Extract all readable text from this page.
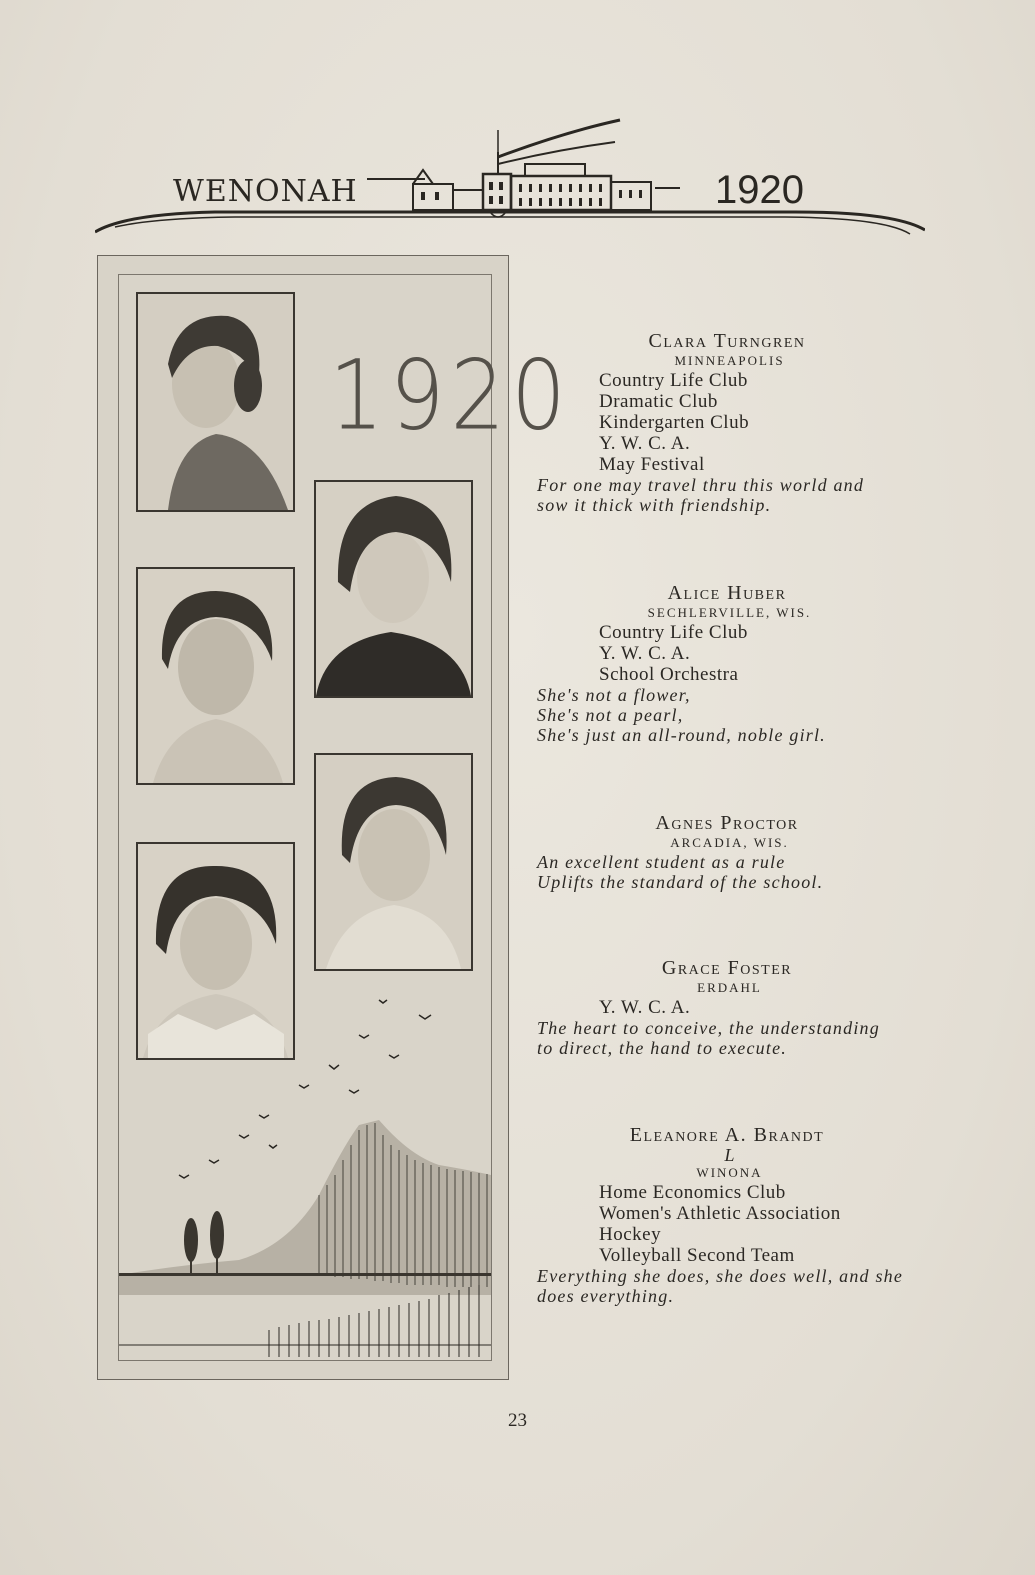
WENONAH	1920
1920	Clara Turngren
MINNEAPOLIS
Country Life Club
Dramatic Club
Kindergarten Club
Y. W. C. A.
May Festival
For one may travel thru this world and
sow it thick with friendship.
Alice Huber
SECHLERVILLE, WIS.
Country Life Club
Y. W. C. A.
School Orchestra
She's not a flower,
She's not a pearl,
She's just an all-round, noble girl.
Agnes Proctor
ARCADIA, WIS.
An excellent student as a rule
Uplifts the standard of the school.
Grace Foster
ERDAHL
Y. W. C. A.
The heart to conceive, the understanding
to direct, the hand to execute.
Eleanore A. Brandt
L
WINONA
Home Economics Club
Women's Athletic Association
Hockey
Volleyball Second Team
Everything she does, she does well, and she
does everything.
23
